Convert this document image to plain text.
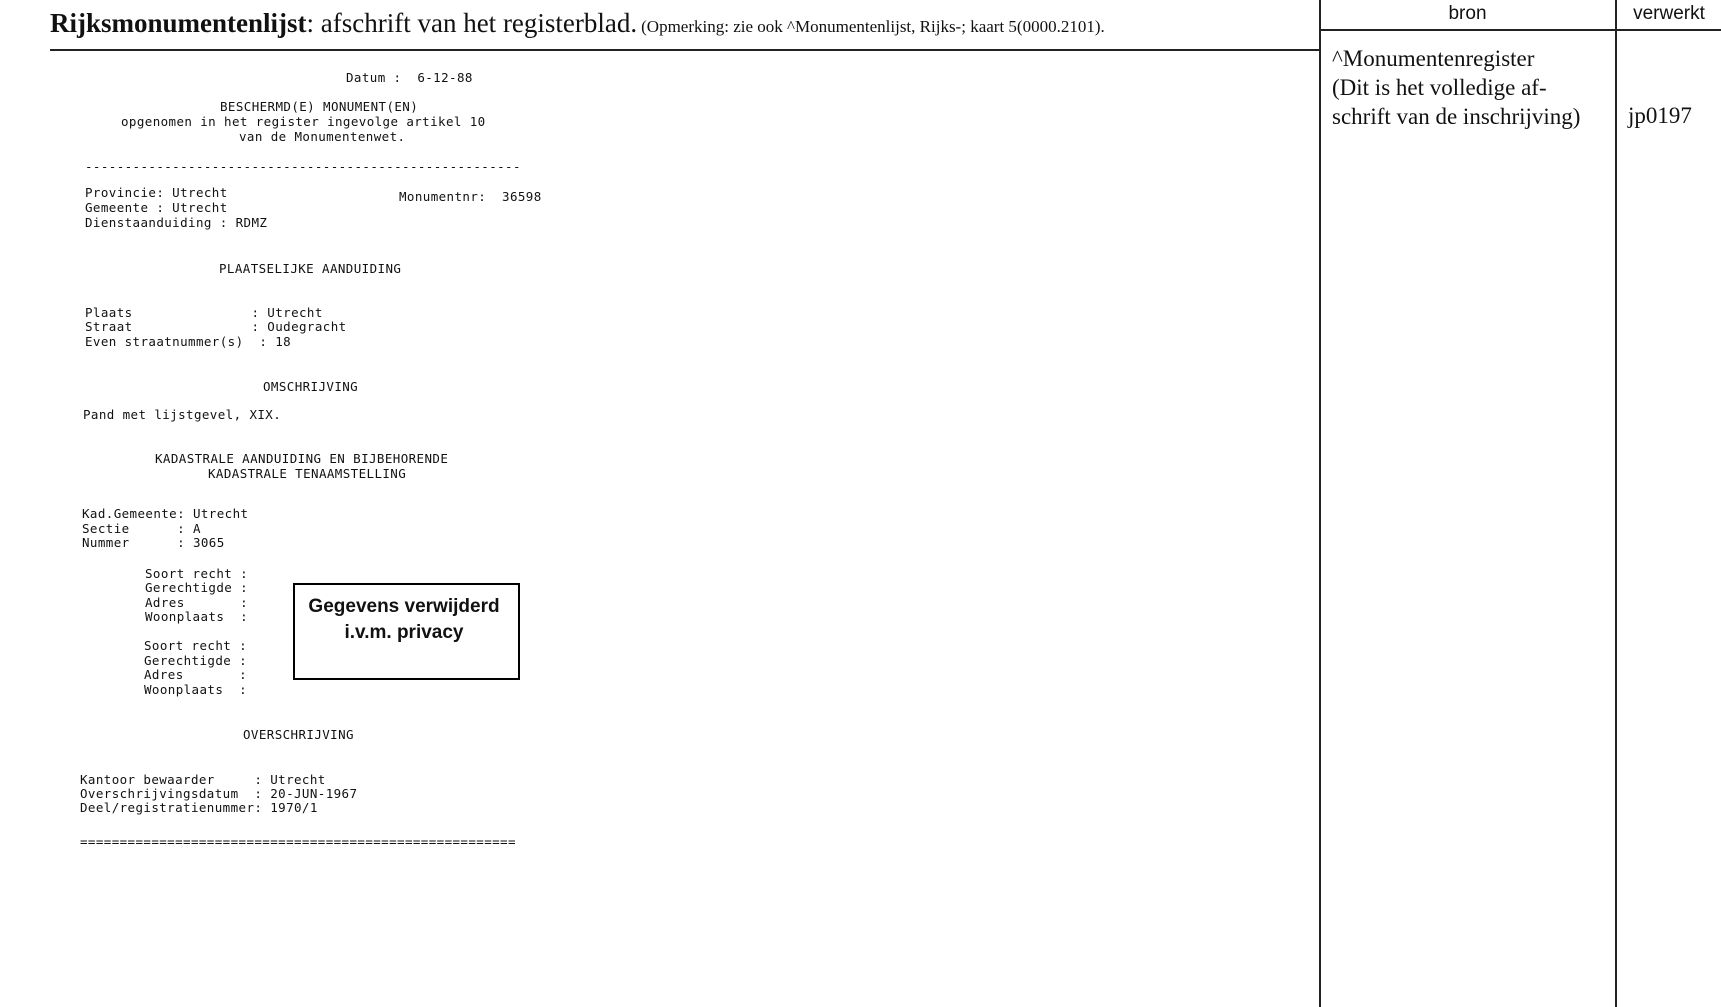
Rijksmonumentenlijst: afschrift van het registerblad. (Opmerking: zie ook ^Monumentenlijst, Rijks-; kaart 5(0000.2101).
bron	verwerkt
^Monumentenregister
(Dit is het volledige af-
schrift van de inschrijving) jp0197
Datum :  6-12-88
BESCHERMD(E) MONUMENT(EN)
opgenomen in het register ingevolge artikel 10
van de Monumentenwet.
-------------------------------------------------------
Provincie: Utrecht	Monumentnr:  36598
Gemeente : Utrecht
Dienstaanduiding : RDMZ
PLAATSELIJKE AANDUIDING
Plaats               : Utrecht
Straat               : Oudegracht
Even straatnummer(s)  : 18
OMSCHRIJVING
Pand met lijstgevel, XIX.
KADASTRALE AANDUIDING EN BIJBEHORENDE
KADASTRALE TENAAMSTELLING
Kad.Gemeente: Utrecht
Sectie      : A
Nummer      : 3065
Soort recht :
Gerechtigde :
Adres       :
Woonplaats  :
Soort recht :
Gerechtigde :
Adres       :
Woonplaats  :
OVERSCHRIJVING
Kantoor bewaarder     : Utrecht
Overschrijvingsdatum  : 20-JUN-1967
Deel/registratienummer: 1970/1
=======================================================
Gegevens verwijderd
i.v.m. privacy
